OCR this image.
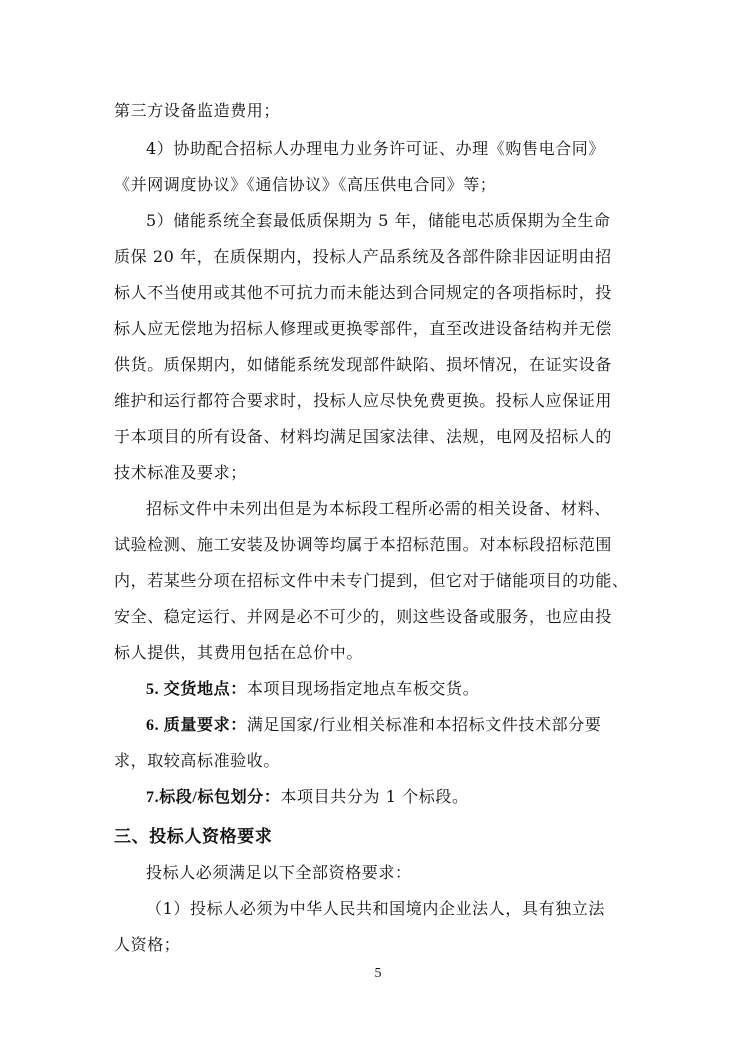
第三方设备监造费用；
4）协助配合招标人办理电力业务许可证、办理《购售电合同》
《并网调度协议》《通信协议》《高压供电合同》等；
5）储能系统全套最低质保期为 5 年，储能电芯质保期为全生命
质保 20 年，在质保期内，投标人产品系统及各部件除非因证明由招
标人不当使用或其他不可抗力而未能达到合同规定的各项指标时，投
标人应无偿地为招标人修理或更换零部件，直至改进设备结构并无偿
供货。质保期内，如储能系统发现部件缺陷、损坏情况，在证实设备
维护和运行都符合要求时，投标人应尽快免费更换。投标人应保证用
于本项目的所有设备、材料均满足国家法律、法规，电网及招标人的
技术标准及要求；
招标文件中未列出但是为本标段工程所必需的相关设备、材料、
试验检测、施工安装及协调等均属于本招标范围。对本标段招标范围
内，若某些分项在招标文件中未专门提到，但它对于储能项目的功能、
安全、稳定运行、并网是必不可少的，则这些设备或服务，也应由投
标人提供，其费用包括在总价中。
5. 交货地点：本项目现场指定地点车板交货。
6. 质量要求：满足国家/行业相关标准和本招标文件技术部分要
求，取较高标准验收。
7.标段/标包划分：本项目共分为 1 个标段。
三、投标人资格要求
投标人必须满足以下全部资格要求：
（1）投标人必须为中华人民共和国境内企业法人，具有独立法
人资格；
5
